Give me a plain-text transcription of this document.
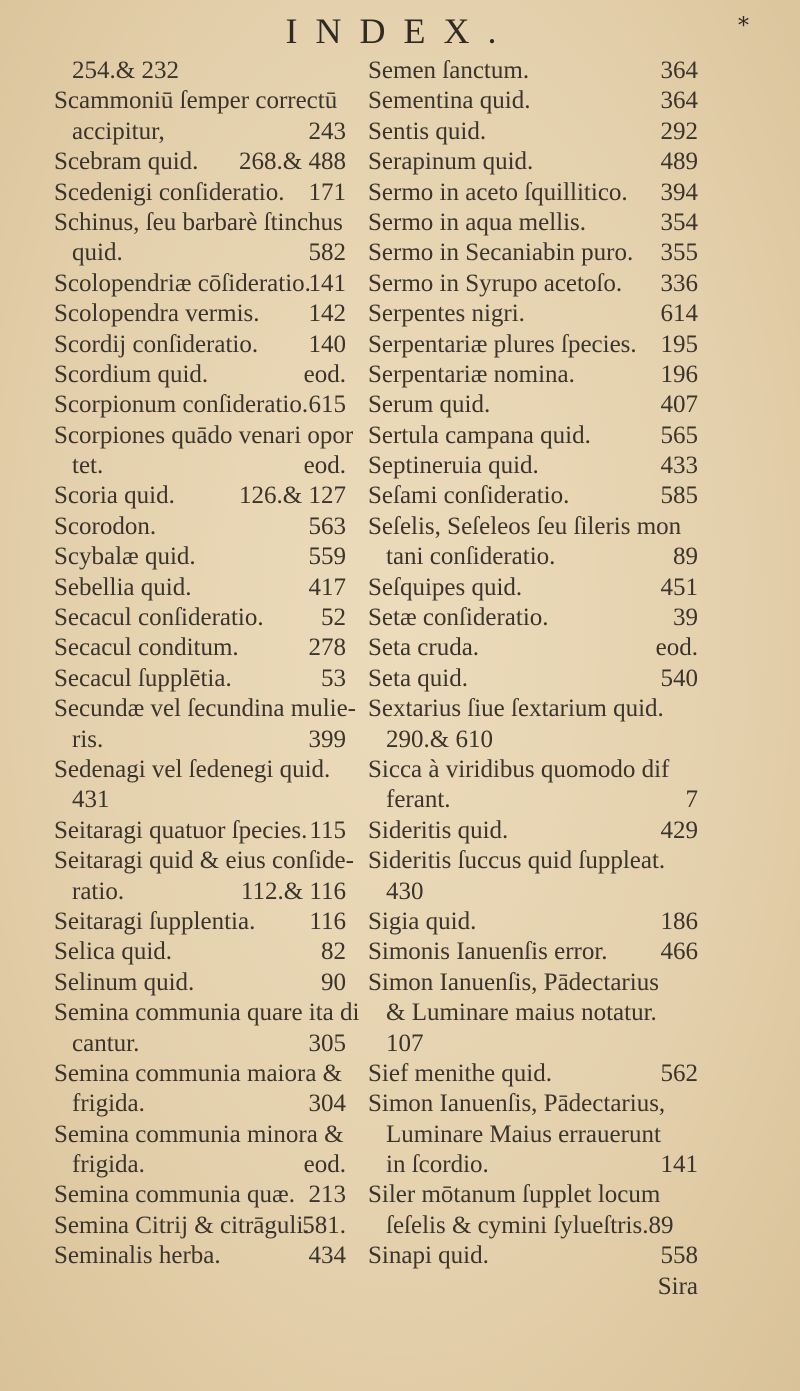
INDEX.	*
254.& 232
Scammoniū ſemper correctū
accipitur,	243
Scebram quid. 268.& 488
Scedenigi conſideratio. 171
Schinus, ſeu barbarè ſtinchus
quid.	582
Scolopendriæ cōſideratio.
141
Scolopendra vermis. 142
Scordij conſideratio. 140
Scordium quid.	eod.
Scorpionum conſideratio. 615
Scorpiones quādo venari opor
tet.	eod.
Scoria quid.	126.& 127
Scorodon.	563
Scybalæ quid.	559
Sebellia quid.	417
Secacul conſideratio. 52
Secacul conditum.	278
Secacul ſupplētia.	53
Secundæ vel ſecundina mulie-
ris.	399
Sedenagi vel ſedenegi quid.
431
Seitaragi quatuor ſpecies. 115
Seitaragi quid & eius conſide-
ratio.	112.& 116
Seitaragi ſupplentia. 116
Selica quid.	82
Selinum quid.	90
Semina communia quare ita di
cantur.	305
Semina communia maiora &
frigida.	304
Semina communia minora &
frigida.	eod.
Semina communia quæ. 213
Semina Citrij & citrāguli.
581.
Seminalis herba.	434
Semen ſanctum.	364
Sementina quid.	364
Sentis quid.	292
Serapinum quid.	489
Sermo in aceto ſquillitico. 394
Sermo in aqua mellis.	354
Sermo in Secaniabin puro. 355
Sermo in Syrupo acetoſo. 336
Serpentes nigri.	614
Serpentariæ plures ſpecies. 195
Serpentariæ nomina.	196
Serum quid.	407
Sertula campana quid.	565
Septineruia quid.	433
Seſami conſideratio.	585
Seſelis, Seſeleos ſeu ſileris mon
tani conſideratio.	89
Seſquipes quid.	451
Setæ conſideratio.	39
Seta cruda.	eod.
Seta quid.	540
Sextarius ſiue ſextarium quid.
290.& 610
Sicca à viridibus quomodo dif
ferant.	7
Sideritis quid.	429
Sideritis ſuccus quid ſuppleat.
430
Sigia quid.	186
Simonis Ianuenſis error. 466
Simon Ianuenſis, Pādectarius
& Luminare maius notatur.
107
Sief menithe quid.	562
Simon Ianuenſis, Pādectarius,
Luminare Maius errauerunt
in ſcordio.	141
Siler mōtanum ſupplet locum
ſeſelis & cymini ſylueſtris.89
Sinapi quid.	558
Sira
